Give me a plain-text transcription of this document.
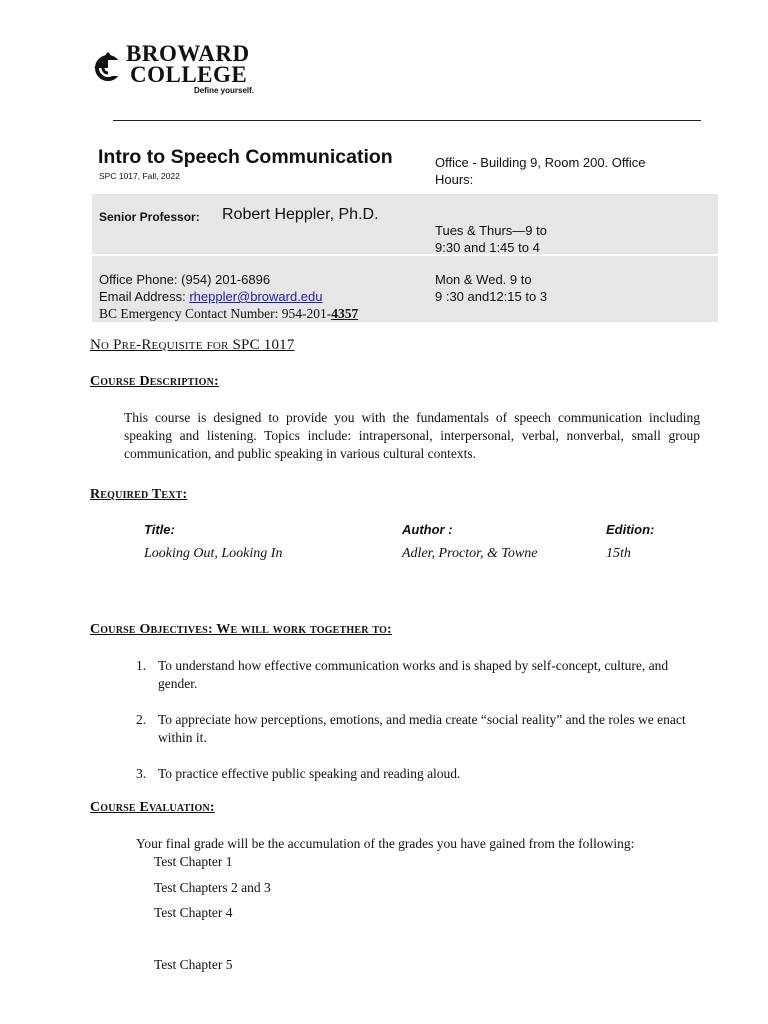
BROWARD
COLLEGE
Define yourself.
Intro to Speech Communication
SPC 1017, Fall, 2022
Office - Building 9, Room 200. Office Hours:
Senior Professor: Robert Heppler, Ph.D.
Tues & Thurs—9 to
9:30 and 1:45 to 4
Office Phone: (954) 201-6896
Email Address: rheppler@broward.edu
BC Emergency Contact Number: 954-201-4357
Mon & Wed. 9 to
9 :30 and12:15 to 3
No Pre-Requisite for SPC 1017
Course Description:
This course is designed to provide you with the fundamentals of speech communication including speaking and listening. Topics include: intrapersonal, interpersonal, verbal, nonverbal, small group communication, and public speaking in various cultural contexts.
Required Text:
Title:	Author :	Edition:
Looking Out, Looking In	Adler, Proctor, & Towne	15th
Course Objectives: We will work together to:
1. To understand how effective communication works and is shaped by self-concept, culture, and gender.
2. To appreciate how perceptions, emotions, and media create “social reality” and the roles we enact within it.
3. To practice effective public speaking and reading aloud.
Course Evaluation:
Your final grade will be the accumulation of the grades you have gained from the following:
Test Chapter 1
Test Chapters 2 and 3
Test Chapter 4
Test Chapter 5
